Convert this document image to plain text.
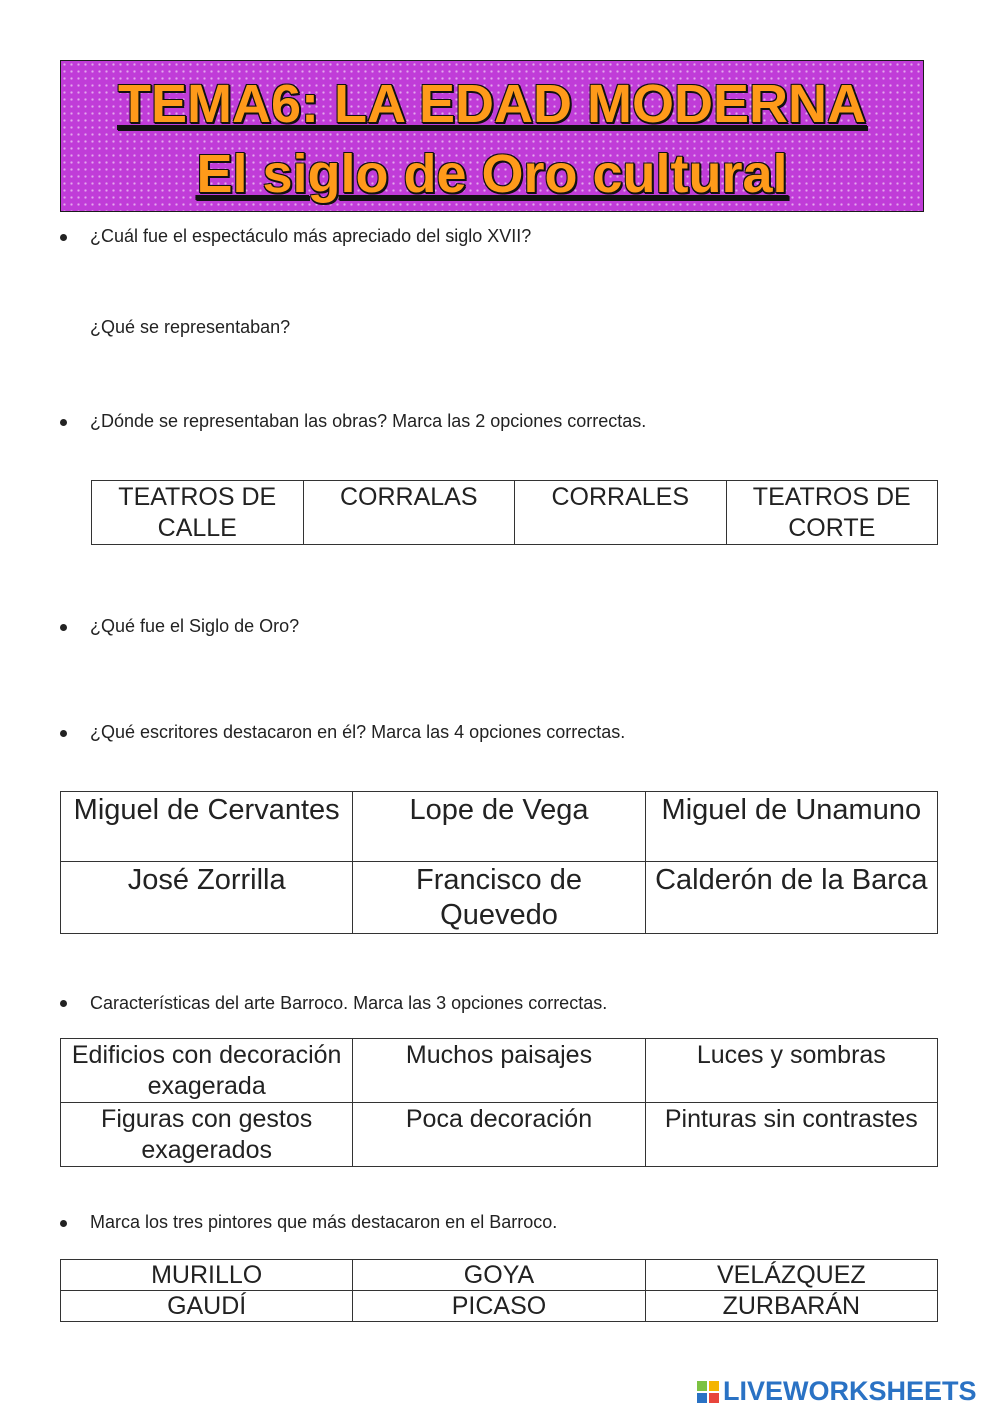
TEMA6: LA EDAD MODERNA
El siglo de Oro cultural
¿Cuál fue el espectáculo más apreciado del siglo XVII?
¿Qué se representaban?
¿Dónde se representaban las obras? Marca las 2 opciones correctas.
TEATROS DE CALLE	CORRALAS	CORRALES	TEATROS DE CORTE
¿Qué fue el Siglo de Oro?
¿Qué escritores destacaron en él? Marca las 4 opciones correctas.
Miguel de Cervantes	Lope de Vega	Miguel de Unamuno
José Zorrilla	Francisco de Quevedo	Calderón de la Barca
Características del arte Barroco. Marca las 3 opciones correctas.
Edificios con decoración exagerada	Muchos paisajes	Luces y sombras
Figuras con gestos exagerados	Poca decoración	Pinturas sin contrastes
Marca los tres pintores que más destacaron en el Barroco.
MURILLO	GOYA	VELÁZQUEZ
GAUDÍ	PICASO	ZURBARÁN
LIVEWORKSHEETS
